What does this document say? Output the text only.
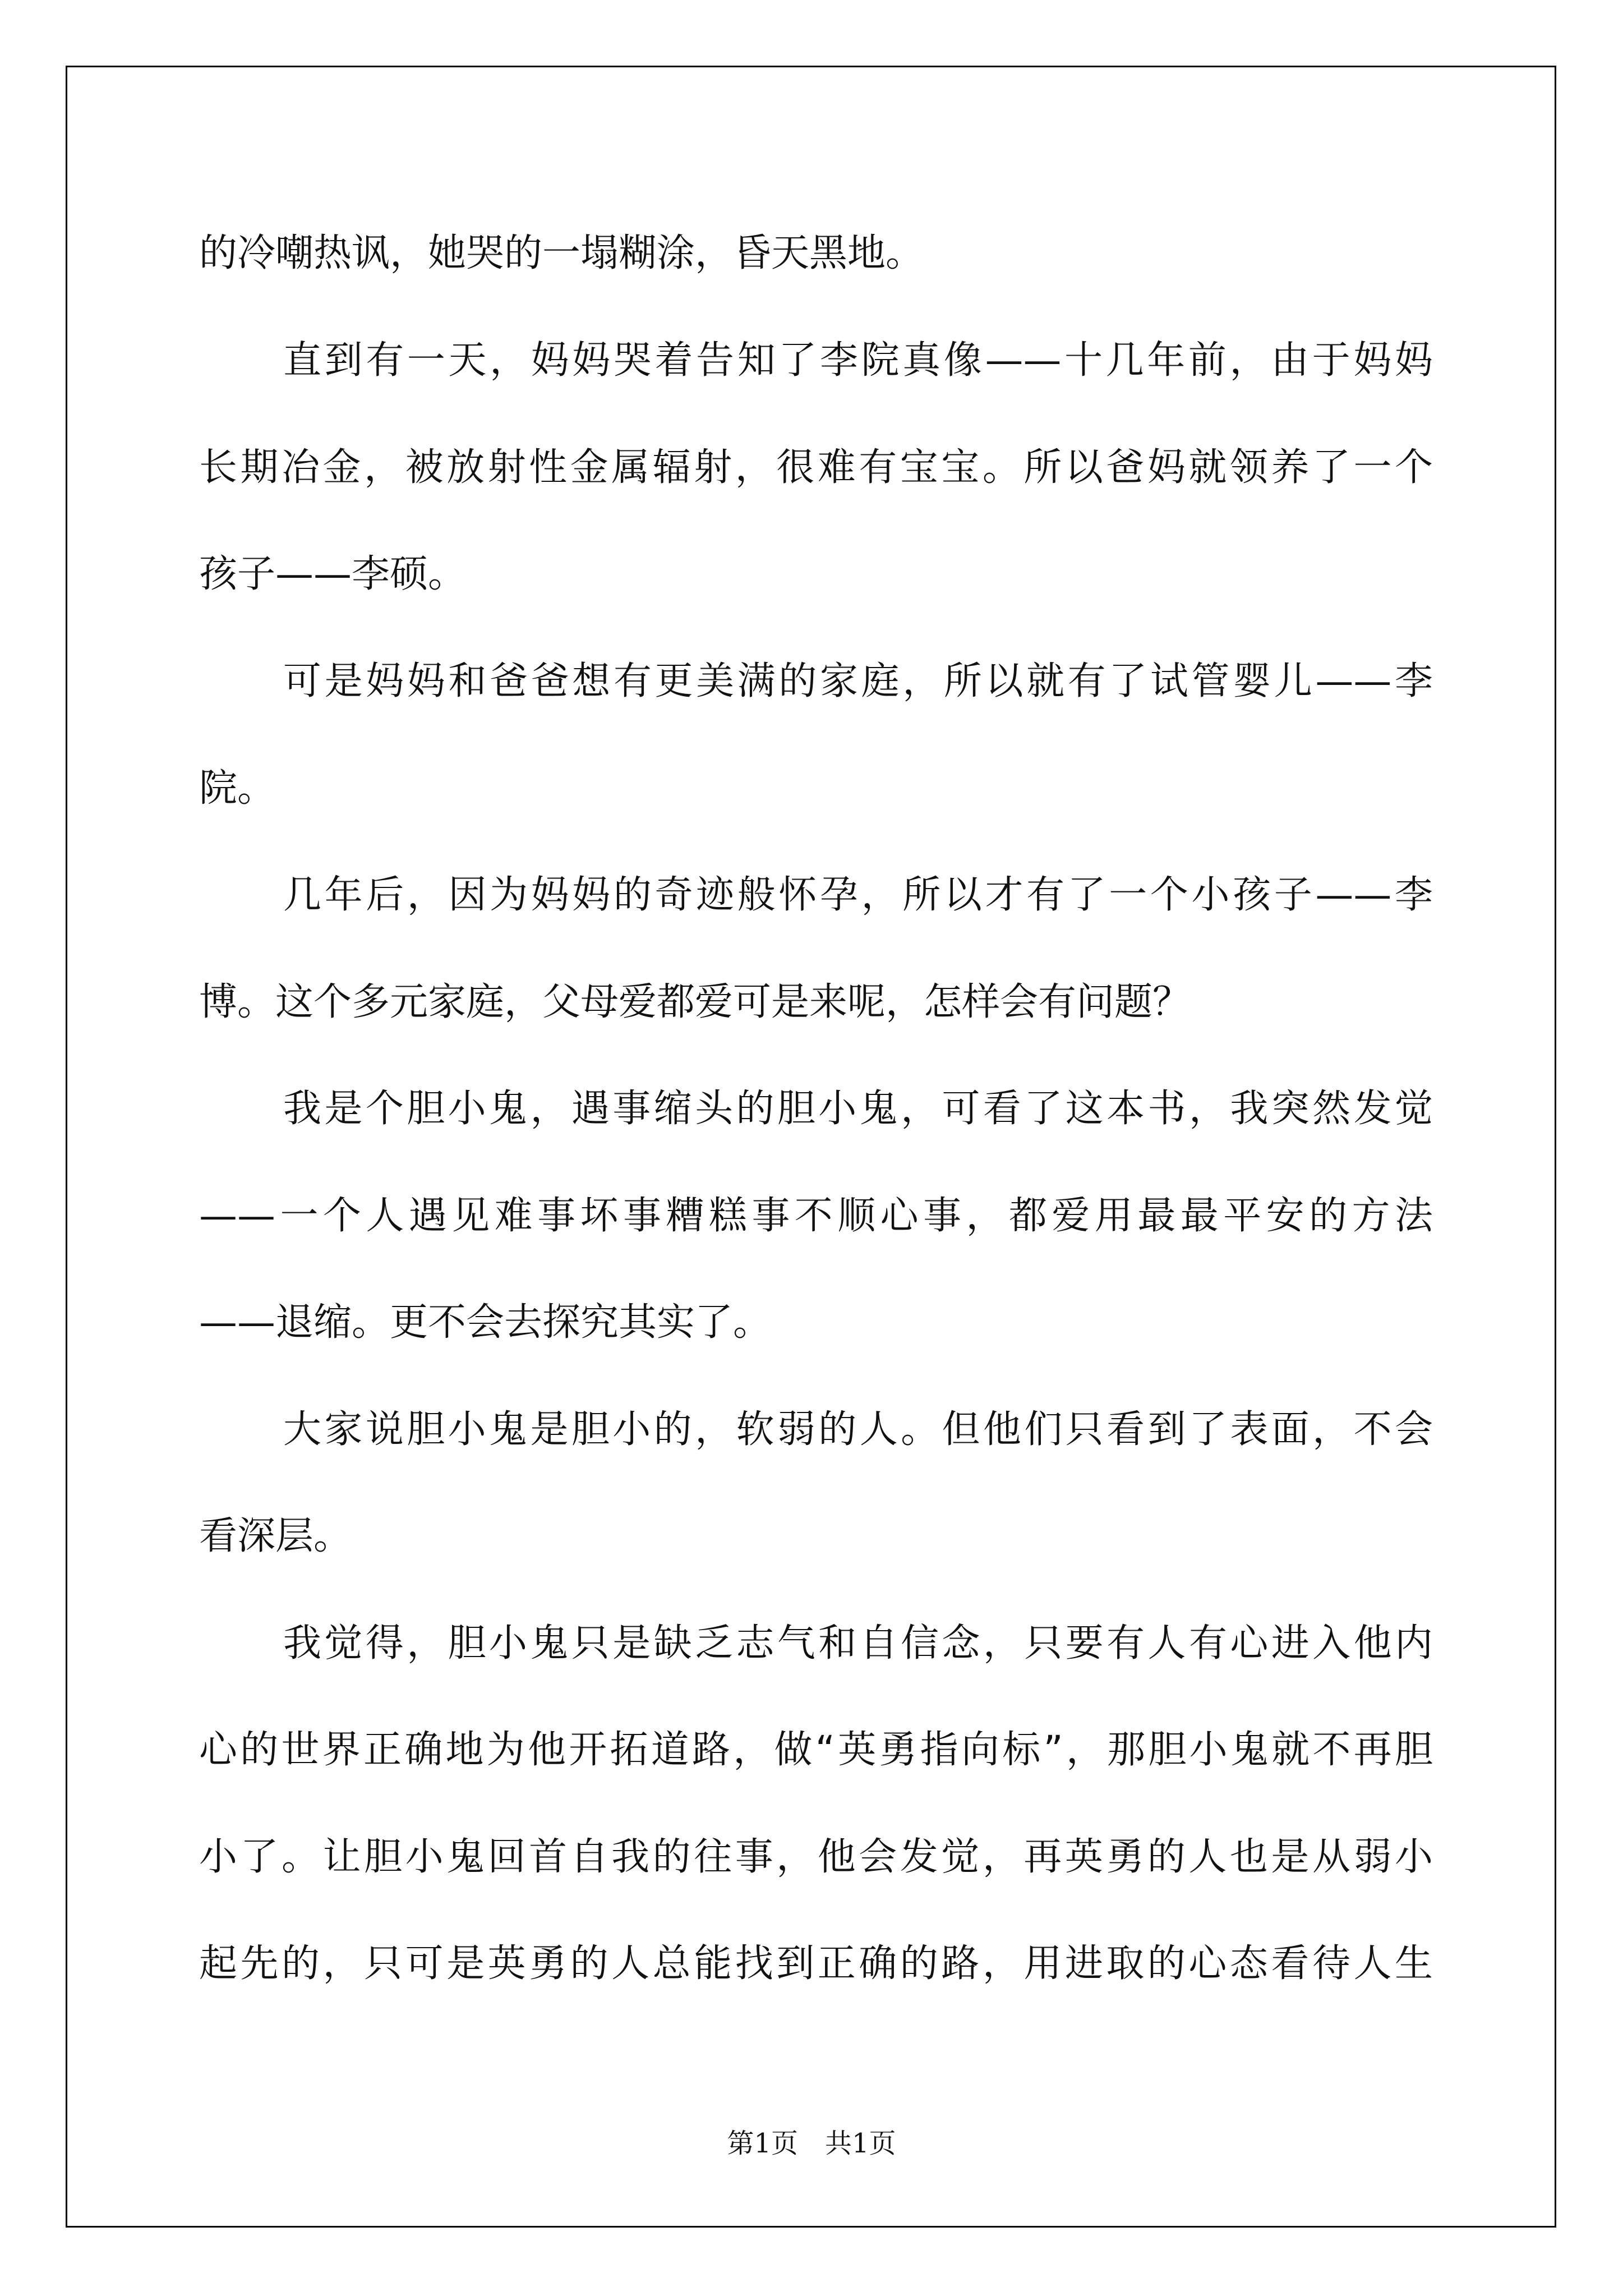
的冷嘲热讽，她哭的一塌糊涂，昏天黑地。
直到有一天，妈妈哭着告知了李院真像——十几年前，由于妈妈
长期冶金，被放射性金属辐射，很难有宝宝。所以爸妈就领养了一个
孩子——李硕。
可是妈妈和爸爸想有更美满的家庭，所以就有了试管婴儿——李
院。
几年后，因为妈妈的奇迹般怀孕，所以才有了一个小孩子——李
博。这个多元家庭，父母爱都爱可是来呢，怎样会有问题？
我是个胆小鬼，遇事缩头的胆小鬼，可看了这本书，我突然发觉
——一个人遇见难事坏事糟糕事不顺心事，都爱用最最平安的方法
——退缩。更不会去探究其实了。
大家说胆小鬼是胆小的，软弱的人。但他们只看到了表面，不会
看深层。
我觉得，胆小鬼只是缺乏志气和自信念，只要有人有心进入他内
心的世界正确地为他开拓道路，做“英勇指向标”，那胆小鬼就不再胆
小了。让胆小鬼回首自我的往事，他会发觉，再英勇的人也是从弱小
起先的，只可是英勇的人总能找到正确的路，用进取的心态看待人生
第1页　共1页
